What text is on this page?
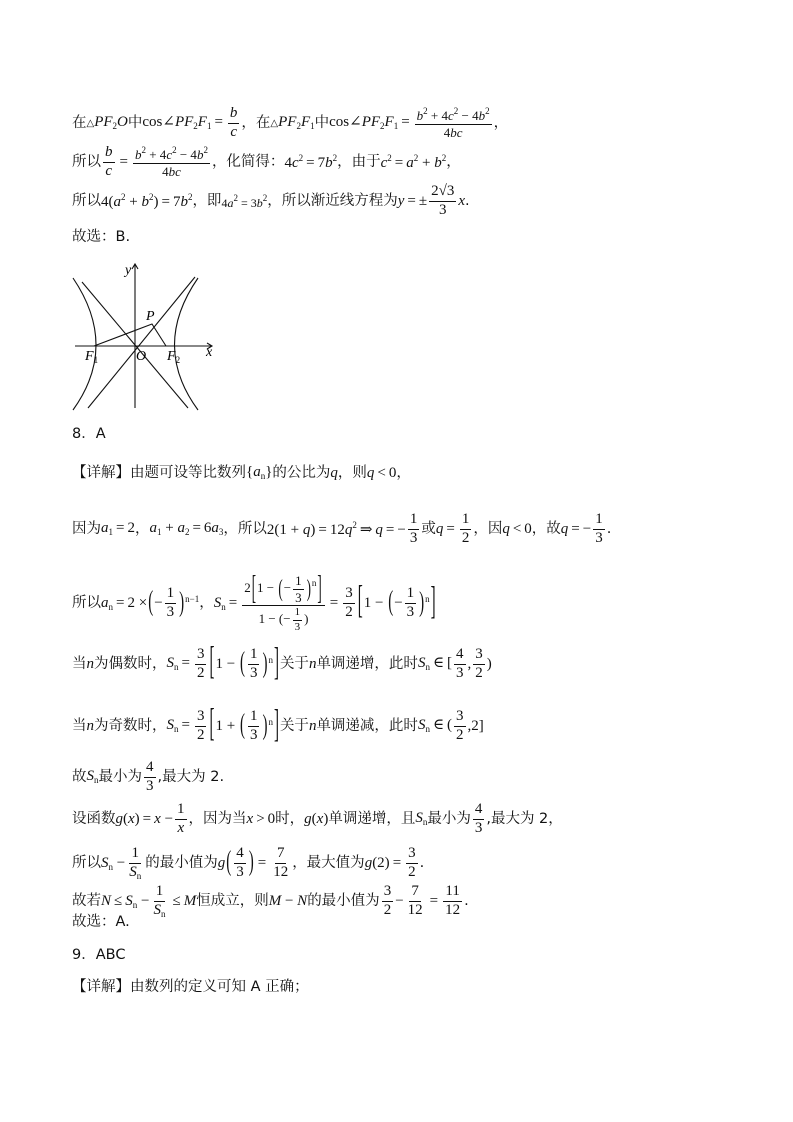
在 $\triangle PF_2O$ 中 $\cos\angle PF_2F_1 = \frac{b}{c}$ ，在 $\triangle PF_2F_1$ 中 $\cos\angle PF_2F_1 = \frac{b^2 + 4c^2 - 4b^2}{4bc}$ ，
所以 $\frac{b}{c} = \frac{b^2 + 4c^2 - 4b^2}{4bc}$ ，化简得： $4c^2 = 7b^2$ ，由于 $c^2 = a^2 + b^2$ ，
所以 $4(a^2 + b^2) = 7b^2$ ，即 $4a^2 = 3b^2$ ，所以渐近线方程为 y = ± $\frac{2√3}{3}$ x .
故选：B.
y
x
P
O
$F_1$	$F_2$
8．A
【详解】 由题可设等比数列 $\{a_n\}$ 的公比为 q ，则 q < 0 ，
因为 $a_1 = 2$ ， $a_1 + a_2 = 6a_3$ ，所以 $2(1 + q) = 12q^2$ ⇒ q = − $\frac{1}{3}$ 或 $q = \frac{1}{2}$ ，因 q < 0 ，故 q = − $\frac{1}{3}$ .
所以 $a_n = 2$ ×(− $\frac{1}{3} )^{n-1}$ ， $S_n = \frac{2[1 - (- \frac{1}{3} )^n]}{1 - (- \frac{1}{3} )} = \frac{3}{2} [1$ − (− $\frac{1}{3} )^n$]
当 n 为偶数时， $S_n = \frac{3}{2} [1$ − ( $\frac{1}{3} )^n$] 关于 n 单调递增，此时 $S_n$ ∈ [ $\frac{4}{3}$ , $\frac{3}{2}$ )
当 n 为奇数时， $S_n = \frac{3}{2} [1$ + ( $\frac{1}{3} )^n$] 关于 n 单调递减，此时 $S_n$ ∈ ( $\frac{3}{2} ,2$]
故 $S_n$ 最小为 $\frac{4}{3}$ ,最大为 2.
设函数 $g(x) = x - \frac{1}{x}$ ，因为当 x > 0 时， g(x) 单调递增，且 $S_n$ 最小为 $\frac{4}{3}$ ,最大为 2，
所以 $S_n - \frac{1}{S_n}$ 的最小值为 $g( \frac{4}{3}$ ) = $\frac{7}{12}$ ，最大值为 $g(2) = \frac{3}{2}$ .
故若 $N \le S_n - \frac{1}{S_n} \le M$ 恒成立，则 M − N 的最小值为 $\frac{3}{2} - \frac{7}{12} = \frac{11}{12}$ .
故选：A.
9．ABC
【详解】 由数列的定义可知 A 正确；
